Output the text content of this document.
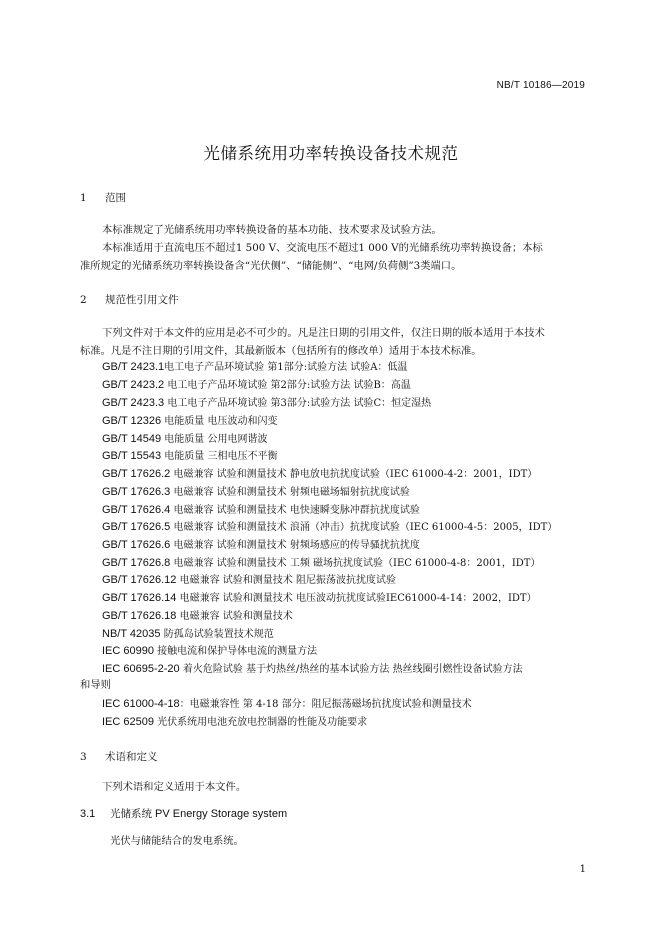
NB/T 10186—2019
光储系统用功率转换设备技术规范
1 范围
本标准规定了光储系统用功率转换设备的基本功能、技术要求及试验方法。
本标准适用于直流电压不超过1 500 V、交流电压不超过1 000 V的光储系统功率转换设备；本标
准所规定的光储系统功率转换设备含“光伏侧”、“储能侧”、“电网/负荷侧”3类端口。
2 规范性引用文件
下列文件对于本文件的应用是必不可少的。凡是注日期的引用文件，仅注日期的版本适用于本技术
标准。凡是不注日期的引用文件，其最新版本（包括所有的修改单）适用于本技术标准。
GB/T 2423.1电工电子产品环境试验 第1部分:试验方法 试验A：低温
GB/T 2423.2 电工电子产品环境试验 第2部分:试验方法 试验B：高温
GB/T 2423.3 电工电子产品环境试验 第3部分:试验方法 试验C：恒定湿热
GB/T 12326 电能质量 电压波动和闪变
GB/T 14549 电能质量 公用电网谐波
GB/T 15543 电能质量 三相电压不平衡
GB/T 17626.2 电磁兼容 试验和测量技术 静电放电抗扰度试验（IEC 61000-4-2：2001，IDT）
GB/T 17626.3 电磁兼容 试验和测量技术 射频电磁场辐射抗扰度试验
GB/T 17626.4 电磁兼容 试验和测量技术 电快速瞬变脉冲群抗扰度试验
GB/T 17626.5 电磁兼容 试验和测量技术 浪涌（冲击）抗扰度试验（IEC 61000-4-5：2005，IDT）
GB/T 17626.6 电磁兼容 试验和测量技术 射频场感应的传导骚扰抗扰度
GB/T 17626.8 电磁兼容 试验和测量技术 工频 磁场抗扰度试验（IEC 61000-4-8：2001，IDT）
GB/T 17626.12 电磁兼容 试验和测量技术 阻尼振荡波抗扰度试验
GB/T 17626.14 电磁兼容 试验和测量技术 电压波动抗扰度试验IEC61000-4-14：2002，IDT）
GB/T 17626.18 电磁兼容 试验和测量技术
NB/T 42035 防孤岛试验装置技术规范
IEC 60990 接触电流和保护导体电流的测量方法
IEC 60695-2-20 着火危险试验 基于灼热丝/热丝的基本试验方法 热丝线圈引燃性设备试验方法
和导则
IEC 61000-4-18：电磁兼容性 第 4-18 部分：阻尼振荡磁场抗扰度试验和测量技术
IEC 62509 光伏系统用电池充放电控制器的性能及功能要求
3 术语和定义
下列术语和定义适用于本文件。
3.1 光储系统 PV Energy Storage system
光伏与储能结合的发电系统。
1
